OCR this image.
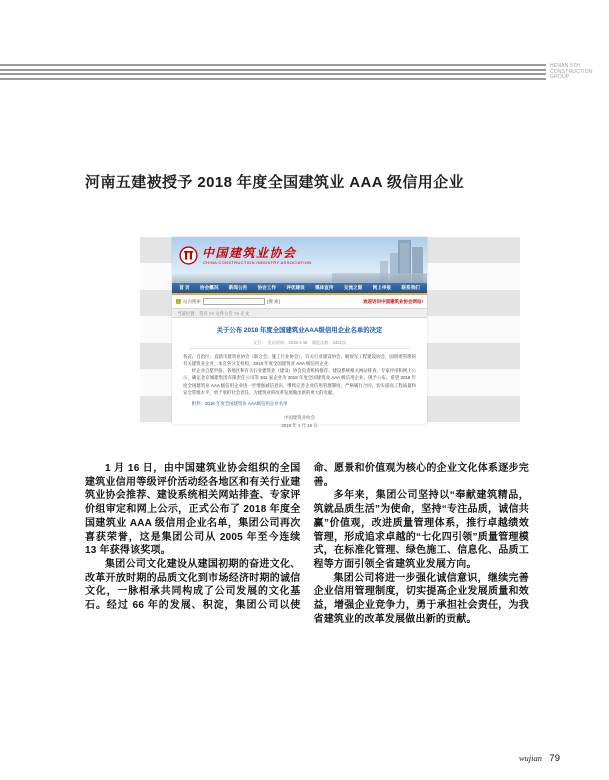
HENAN 5TH
CONSTRUCTION
GROUP
河南五建被授予 2018 年度全国建筑业 AAA 级信用企业
中国建筑业协会
CHINA CONSTRUCTION INDUSTRY ASSOCIATION
首 页 协会概况 新闻公告 协会工作 评优建设 媒体宣传 交流之窗 网上申报 联系我们
站内搜索	[搜 索]	欢迎访问中国建筑业协会网站!
当前位置：首页 >> 文件公告 >> 正文
关于公布 2018 年度全国建筑业AAA级信用企业名单的决定
文号：　发布时间：2019-1-16　浏览次数：3421次

各省、自治区、直辖市建筑业协会（联合会、施工行业协会），有关行业建设协会，解放军工程建设协会，国资委管理的有关建筑业企业，本会各分支机构，2018 年度全国建筑业 AAA 级信用企业：

经企业自愿申报、各地区和有关行业建筑业（建设）协会负责机构推荐、建设系统相关网站排查、专家评审和网上公示，确定北京城建集团有限责任公司等 342 家企业为 2018 年度全国建筑业 AAA 级信用企业，现予公布。希望 2018 年度全国建筑业 AAA 级信用企业进一步增强诚信意识，继续完善企业信用管理制度，严格履行合同，切实提高工程质量和安全管理水平，勇于承担社会责任，为建筑业的改革发展做出新的更大的贡献。

附件：2018 年度全国建筑业 AAA级信用企业名单
中国建筑业协会
2019 年 1 月 16 日

1 月 16 日，由中国建筑业协会组织的全国建筑业信用等级评价活动经各地区和有关行业建筑业协会推荐、建设系统相关网站排查、专家评价组审定和网上公示，正式公布了 2018 年度全国建筑业 AAA 级信用企业名单，集团公司再次喜获荣誉，这是集团公司从 2005 年至今连续 13 年获得该奖项。

集团公司文化建设从建国初期的奋进文化、改革开放时期的品质文化到市场经济时期的诚信文化，一脉相承共同构成了公司发展的文化基石。经过 66 年的发展、积淀，集团公司以使命、愿景和价值观为核心的企业文化体系逐步完善。

多年来，集团公司坚持以“奉献建筑精品，筑就品质生活”为使命，坚持“专注品质，诚信共赢”价值观，改进质量管理体系，推行卓越绩效管理，形成追求卓越的“七化四引领”质量管理模式，在标准化管理、绿色施工、信息化、品质工程等方面引领全省建筑业发展方向。

集团公司将进一步强化诚信意识，继续完善企业信用管理制度，切实提高企业发展质量和效益，增强企业竞争力，勇于承担社会责任，为我省建筑业的改革发展做出新的贡献。

wujian 79
